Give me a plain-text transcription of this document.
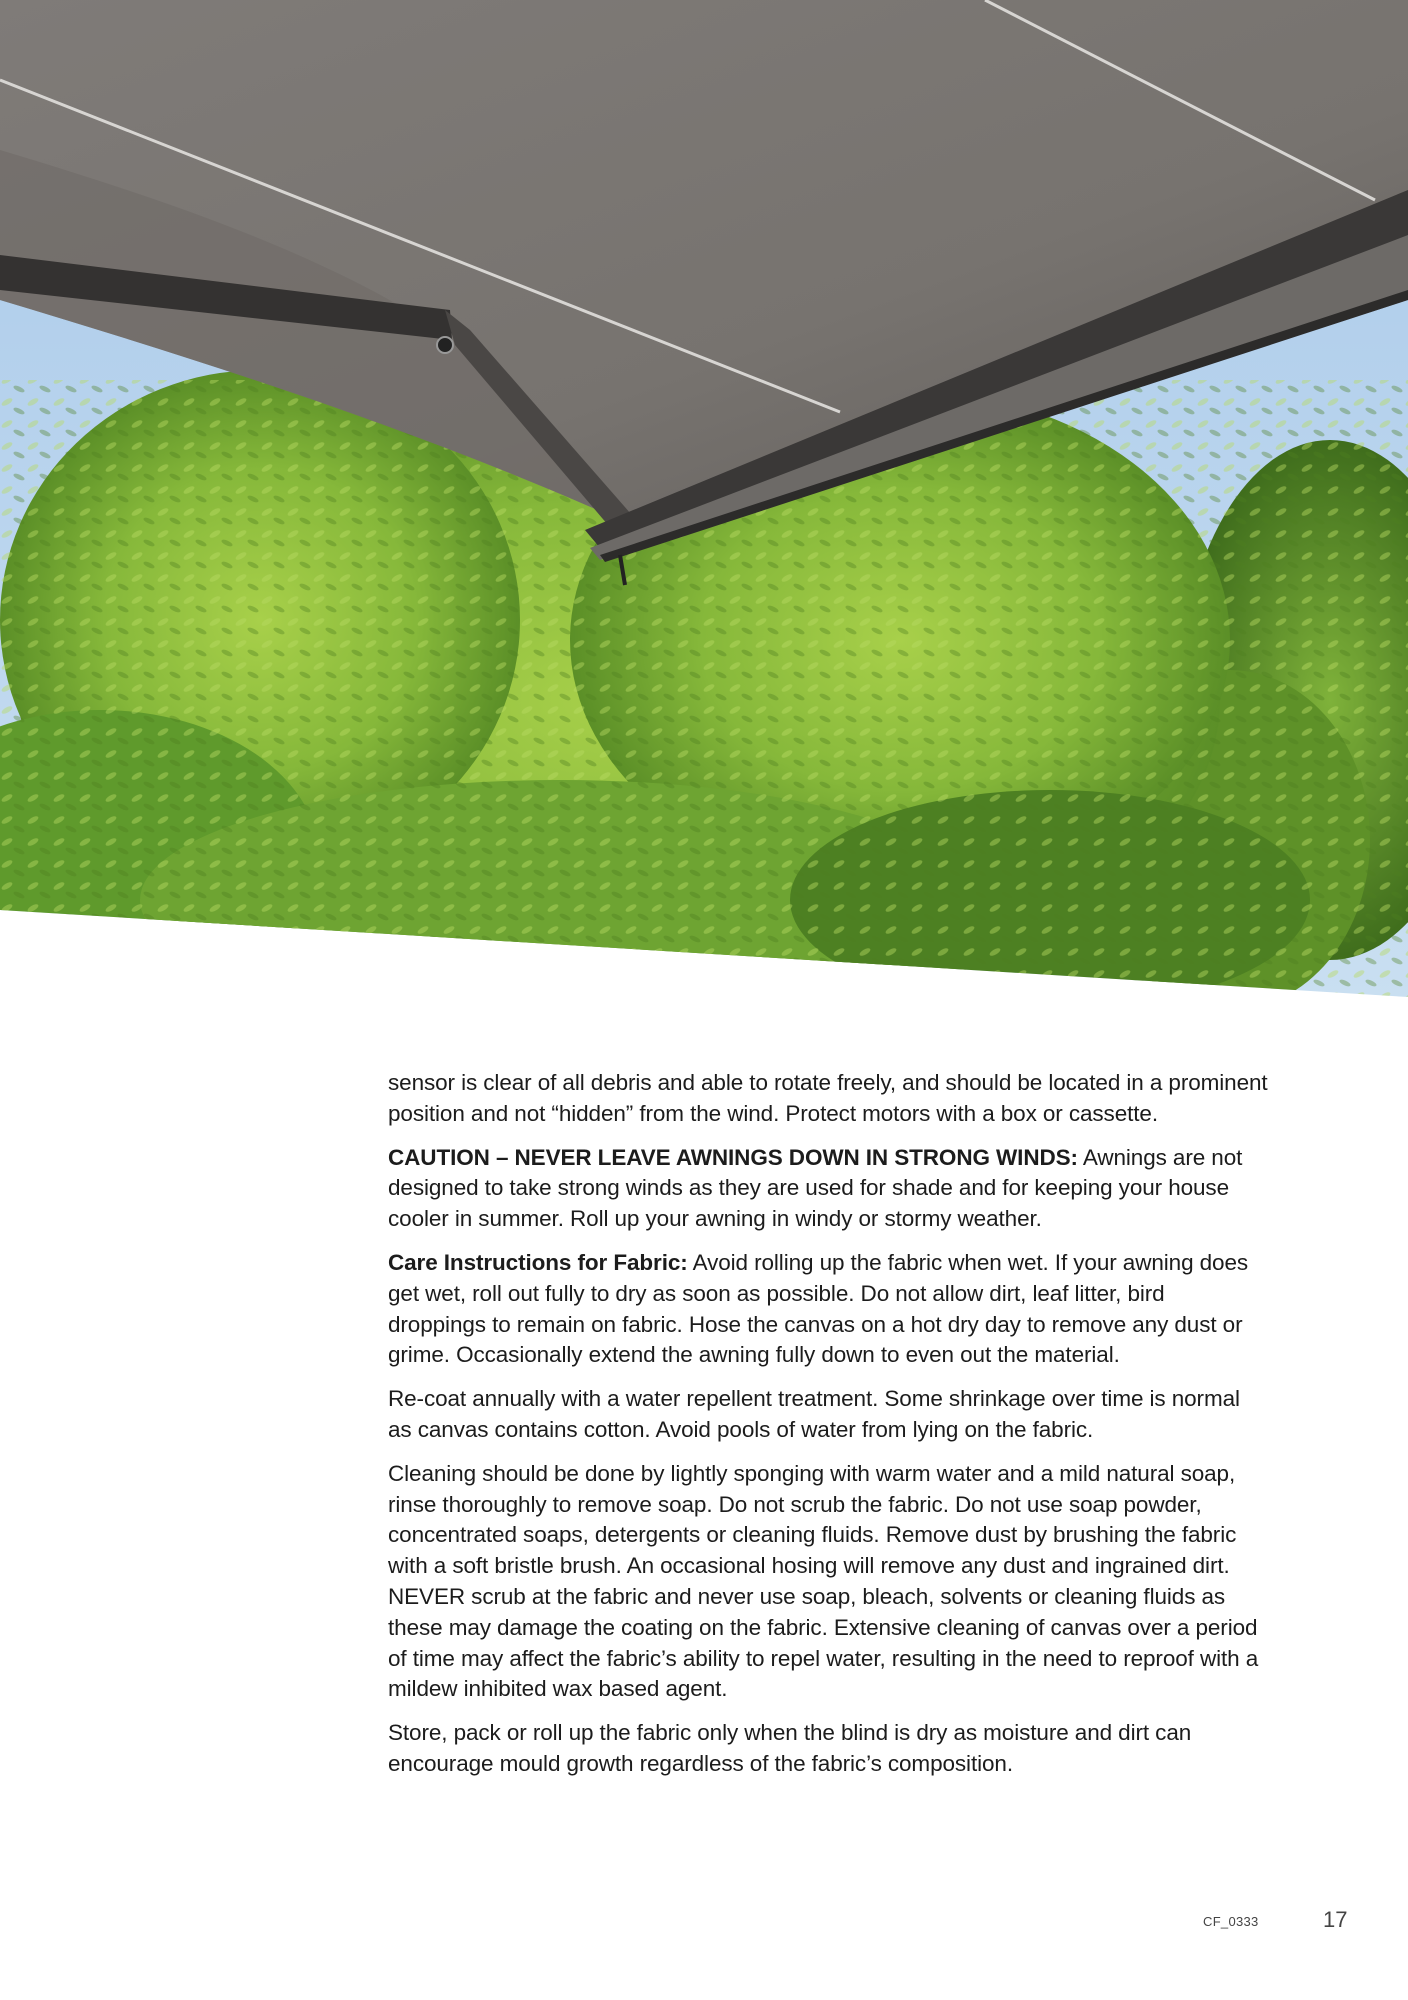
sensor is clear of all debris and able to rotate freely, and should be located in a prominent position and not “hidden” from the wind. Protect motors with a box or cassette.

CAUTION – NEVER LEAVE AWNINGS DOWN IN STRONG WINDS: Awnings are not designed to take strong winds as they are used for shade and for keeping your house cooler in summer. Roll up your awning in windy or stormy weather.

Care Instructions for Fabric: Avoid rolling up the fabric when wet. If your awning does get wet, roll out fully to dry as soon as possible. Do not allow dirt, leaf litter, bird droppings to remain on fabric. Hose the canvas on a hot dry day to remove any dust or grime. Occasionally extend the awning fully down to even out the material.

Re-coat annually with a water repellent treatment. Some shrinkage over time is normal as canvas contains cotton. Avoid pools of water from lying on the fabric.

Cleaning should be done by lightly sponging with warm water and a mild natural soap, rinse thoroughly to remove soap. Do not scrub the fabric. Do not use soap powder, concentrated soaps, detergents or cleaning fluids. Remove dust by brushing the fabric with a soft bristle brush. An occasional hosing will remove any dust and ingrained dirt. NEVER scrub at the fabric and never use soap, bleach, solvents or cleaning fluids as these may damage the coating on the fabric. Extensive cleaning of canvas over a period of time may affect the fabric’s ability to repel water, resulting in the need to reproof with a mildew inhibited wax based agent.

Store, pack or roll up the fabric only when the blind is dry as moisture and dirt can encourage mould growth regardless of the fabric’s composition.

CF_0333	17
